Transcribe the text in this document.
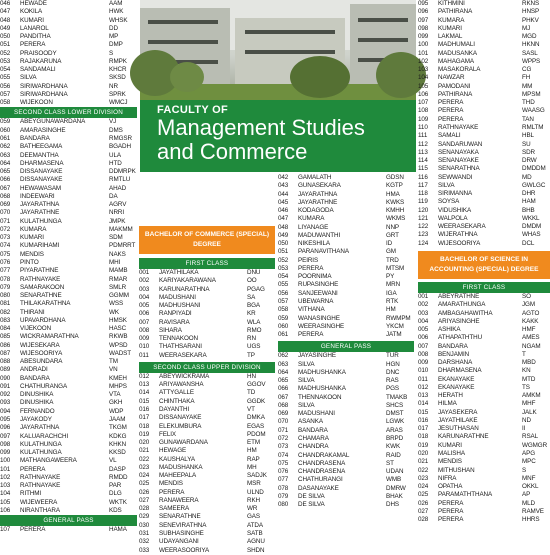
046	HEWADE	AAM
047	KOKILA	HWK
048	KUMARI	WHSK
049	LANAROL	DD
050	PANDITHA	MP
051	PERERA	DMP
052	PRAISOODY	S
053	RAJAKARUNA	RMPK
054	SANDAMALI	KHCR
055	SILVA	SKSD
056	SIRIWARDHANA	NR
057	SIRIWARDHANA	SPRK
058	WIJEKOON	WMCJ
SECOND CLASS LOWER DIVISION
059	ABEYGUNAWARDANA	VJ
060	AMARASINGHE	DMS
061	BANDARA	RMGSR
062	BATHEEGAMA	BGADH
063	DEEMANTHA	ULA
064	DHARMASENA	HTD
065	DISSANAYAKE	DDMRPK
066	DISSANAYAKE	RMTLU
067	HEWAWASAM	AHAD
068	INDEEWARI	DA
069	JAYARATHNA	AGRV
070	JAYARATHNE	NRRI
071	KULATHUNGA	JMPK
072	KUMARA	MAKMM
073	KUMARI	SDM
074	KUMARIHAMI	PDMRRT
075	MENDIS	NAKS
076	PINTO	MHI
077	PIYARATHNE	MAMB
078	RATHNAYAKE	RMAR
079	SAMARAKOON	SMLR
080	SENARATHNE	GGMM
081	THILAKARATHNA	WSS
082	THIRANI	WK
083	UPAVARDHANA	HMSK
084	VIJEKOON	HASC
085	WICKRAMARATHNA	RKWB
086	WIJESEKARA	WPSD
087	WIJESOORIYA	WADST
088	ABESUNDARA	TM
089	ANDRADI	VN
090	BANDARA	KMEH
091	CHATHURANGA	MHPS
092	DINUSHIKA	VTA
093	DINUSHIKA	GKH
094	FERNANDO	WDP
095	JAYAKODY	JAAM
096	JAYARATHNA	TKGM
097	KALUARACHCHI	KDKG
098	KULATHUNGA	KHKN
099	KULATHUNGA	KKSD
100	MATHANGAWEERA	VL
101	PERERA	DASP
102	RATHNAYAKE	RMDD
103	RATHNAYAKE	PAR
104	RITHMI	DLG
105	WIJEWEERA	WKTK
106	NIRANTHARA	KDS
GENERAL PASS
107	PERERA	HAMA
FACULTY OF
Management Studies
and Commerce
BACHELOR OF COMMERCE (SPECIAL) DEGREE
FIRST CLASS
001	JAYATHILAKA	DNU
002	KARIYAKARAWANA	OO
003	KARUNARATHNA	PGAG
004	MADUSHANI	SA
005	MADHUSHANI	BGA
006	RANPIYADI	KR
007	RAVISARA	WLA
008	SIHARA	RMO
009	TENNAKOON	RN
010	THATHSARANI	UGS
011	WEERASEKARA	TP
SECOND CLASS UPPER DIVISION
012	ABEYWICKRAMA	HN
013	ARIYAWANSHA	GGOV
014	ATTYGALLE	TD
015	CHINTHAKA	GGDK
016	DAYANTHI	VT
017	DISSANAYAKE	DMKA
018	ELEKUMBURA	EGAS
019	FELIX	PDOM
020	GUNAWARDANA	ETM
021	HEWAGE	HM
022	KAUSHALYA	RAP
023	MADUSHANKA	MH
024	MAHEEPALA	SADJK
025	MENDIS	MSR
026	PERERA	ULND
027	RANAWEERA	RKH
028	SAMEERA	WR
029	SENARATHNE	GAS
030	SENEVIRATHNA	ATDA
031	SUBHASINGHE	SATB
032	UDAYANGANI	AGNU
033	WEERASOORIYA	SHDN
042	GAMALATH	GDSN
043	GUNASEKARA	KGTP
044	JAYARATHNA	HMA
045	JAYARATHNE	KWKS
046	KODAGODA	KMHH
047	KUMARA	WKMS
048	LIYANAGE	NNP
049	MADUWANTHI	GRT
050	NIKESHILA	ID
051	PARANAVITHANA	GM
052	PEIRIS	TRD
053	PERERA	MTSM
054	POORNIMA	PY
055	RUPASINGHE	MRN
056	SANJEEWANI	IGA
057	UBEWARNA	RTK
058	VITHANA	HM
059	WANASINGHE	RWMPM
060	WEERASINGHE	YKCM
061	PERERA	JATM
GENERAL PASS
062	JAYASINGHE	TUR
063	SILVA	HGN
064	MADHUSHANKA	DNC
065	SILVA	RAS
066	MADHUSHANKA	PGS
067	THENNAKOON	TMAKB
068	SILVA	SHCS
069	MADUSHANI	DMST
070	ASANKA	LGWK
071	BANDARA	ARAS
072	CHAMARA	BRPD
073	CHANDRA	KWK
074	CHANDRAKAMAL	RAID
075	CHANDRASENA	ST
076	CHANDRASENA	UDAN
077	CHATHURANGI	WMB
078	DASANAYAKE	DMRW
079	DE SILVA	BHAK
080	DE SILVA	DHS
095	KITHMINI	RKNS
096	PATHIRANA	HNSP
097	KUMARA	PHKV
098	KUMARI	MJ
099	LAKMAL	MGD
100	MADHUMALI	HKNN
101	MADUSANKA	SASL
102	MAHAGAMA	WPPS
103	MASAKORALA	CG
104	NAWZAR	FH
105	PAMODANI	MM
106	PATHIRANA	MPSM
107	PERERA	THD
108	PERERA	WAASG
109	PERERA	TAN
110	RATHNAYAKE	RMLTM
111	SAMALI	HBL
112	SANDARUWAN	SU
113	SENANAYAKA	SDR
114	SENANAYAKE	DRW
115	SENARATHNA	DMDDM
116	SEWWANDI	MD
117	SILVA	GWLGC
118	SIRIMANNA	DHR
119	SOYSA	HAM
120	VIDUSHIKA	BHB
121	WALPOLA	WKKL
122	WEERASEKARA	DMDM
123	WIJERATHNA	WHAS
124	WIJESOORIYA	DCL
BACHELOR OF SCIENCE IN ACCOUNTING (SPECIAL) DEGREE
FIRST CLASS
001	ABEYRATHNE	SO
002	AMARATHUNGA	JGM
003	AMBAGAHAWITHA	AGTO
004	ARIYASINGHE	KAKK
005	ASHIKA	HMF
006	ATHAPATHTHU	AMES
007	BANDARA	NGAM
008	BENJAMIN	T
009	DARSHANA	MBD
010	DHARMASENA	KN
011	EKANAYAKE	MTD
012	EKANAYAKE	TS
013	HERATH	AMKM
014	HILMA	MHF
015	JAYASEKERA	JALK
016	JAYATHILAKE	ND
017	JESUTHASAN	II
018	KARUNARATHNE	RSAL
019	KUMARI	WGMGR
020	MALISHA	APG
021	MENDIS	MPC
022	MITHUSHAN	S
023	NIFRA	MNF
024	OPATHA	OKKL
025	PARAMATHTHANA	AP
026	PERERA	MLD
027	PERERA	RAMVE
028	PERERA	HHRS
